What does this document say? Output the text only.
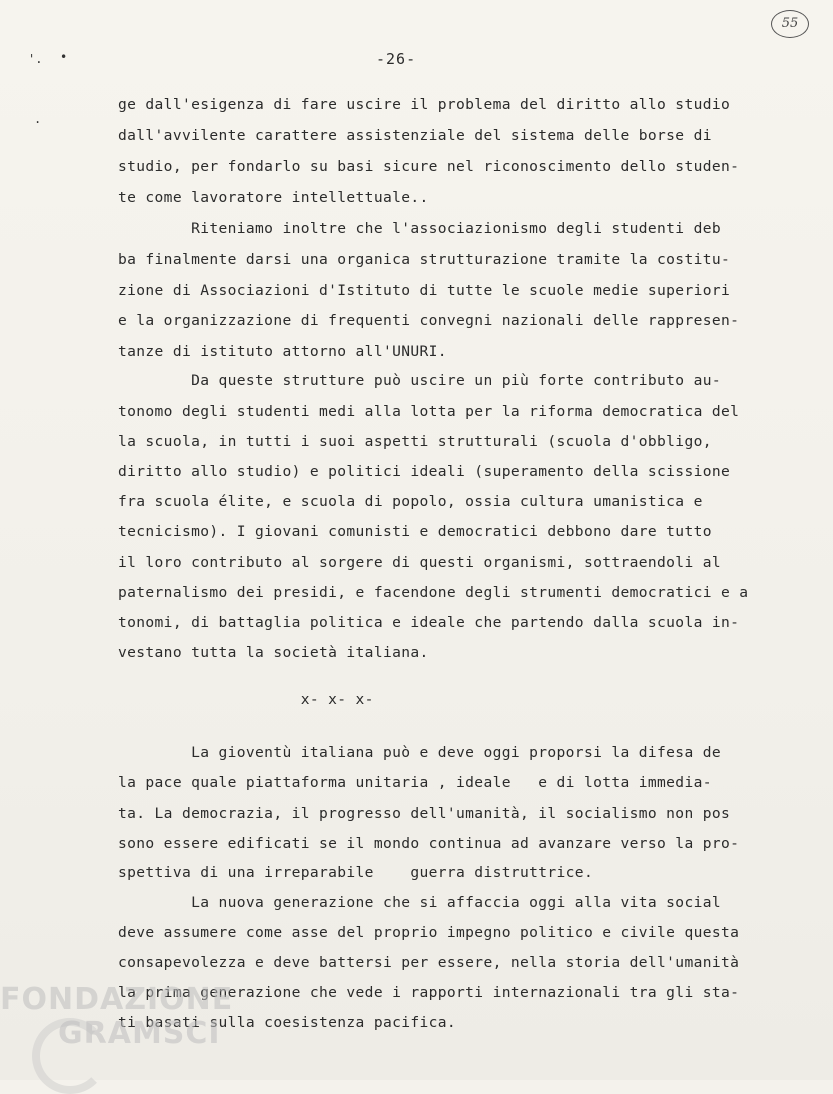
55
-26-
'. •
.
ge dall'esigenza di fare uscire il problema del diritto allo studio
dall'avvilente carattere assistenziale del sistema delle borse di
studio, per fondarlo su basi sicure nel riconoscimento dello studen-
te come lavoratore intellettuale..
Riteniamo inoltre che l'associazionismo degli studenti deb
ba finalmente darsi una organica strutturazione tramite la costitu-
zione di Associazioni d'Istituto di tutte le scuole medie superiori
e la organizzazione di frequenti convegni nazionali delle rappresen-
tanze di istituto attorno all'UNURI.
Da queste strutture può uscire un più forte contributo au-
tonomo degli studenti medi alla lotta per la riforma democratica del
la scuola, in tutti i suoi aspetti strutturali (scuola d'obbligo,
diritto allo studio) e politici ideali (superamento della scissione
fra scuola élite, e scuola di popolo, ossia cultura umanistica e
tecnicismo). I giovani comunisti e democratici debbono dare tutto
il loro contributo al sorgere di questi organismi, sottraendoli al
paternalismo dei presidi, e facendone degli strumenti democratici e a
tonomi, di battaglia politica e ideale che partendo dalla scuola in-
vestano tutta la società italiana.
x- x- x-
La gioventù italiana può e deve oggi proporsi la difesa de
la pace quale piattaforma unitaria , ideale   e di lotta immedia-
ta. La democrazia, il progresso dell'umanità, il socialismo non pos
sono essere edificati se il mondo continua ad avanzare verso la pro-
spettiva di una irreparabile    guerra distruttrice.
La nuova generazione che si affaccia oggi alla vita social
deve assumere come asse del proprio impegno politico e civile questa
consapevolezza e deve battersi per essere, nella storia dell'umanità
la prima generazione che vede i rapporti internazionali tra gli sta-
ti basati sulla coesistenza pacifica.
FONDAZIONE
GRAMSCI
